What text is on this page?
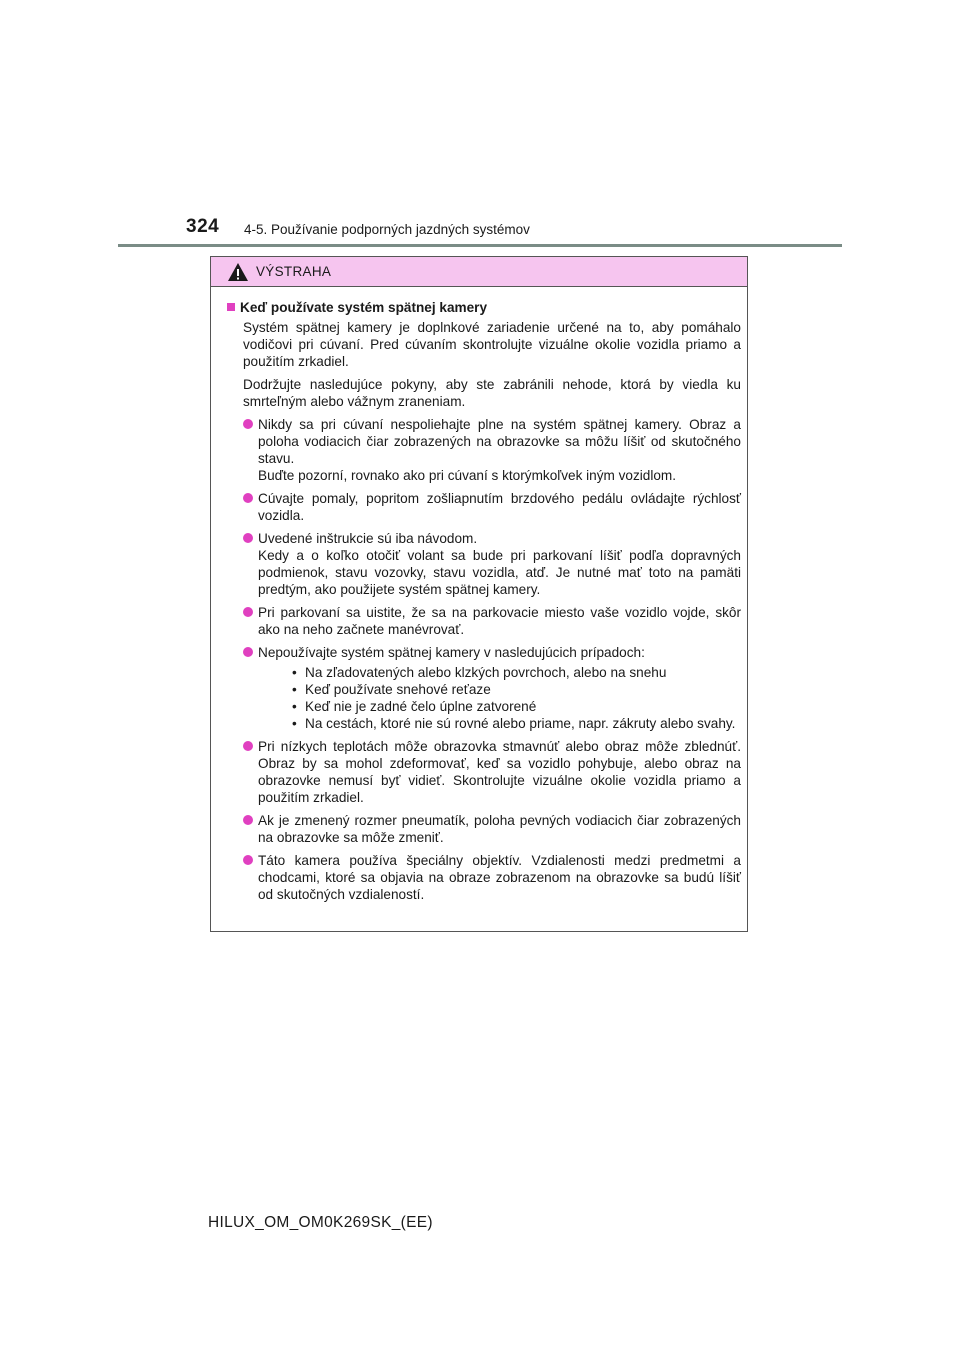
324 4-5. Používanie podporných jazdných systémov
VÝSTRAHA
Keď používate systém spätnej kamery
Systém spätnej kamery je doplnkové zariadenie určené na to, aby pomáhalo vodičovi pri cúvaní. Pred cúvaním skontrolujte vizuálne okolie vozidla priamo a použitím zrkadiel.
Dodržujte nasledujúce pokyny, aby ste zabránili nehode, ktorá by viedla ku smrteľným alebo vážnym zraneniam.

Nikdy sa pri cúvaní nespoliehajte plne na systém spätnej kamery. Obraz a poloha vodiacich čiar zobrazených na obrazovke sa môžu líšiť od skutočného stavu.

Buďte pozorní, rovnako ako pri cúvaní s ktorýmkoľvek iným vozidlom.

Cúvajte pomaly, popritom zošliapnutím brzdového pedálu ovládajte rýchlosť vozidla.

Uvedené inštrukcie sú iba návodom.

Kedy a o koľko otočiť volant sa bude pri parkovaní líšiť podľa dopravných podmienok, stavu vozovky, stavu vozidla, atď. Je nutné mať toto na pamäti predtým, ako použijete systém spätnej kamery.

Pri parkovaní sa uistite, že sa na parkovacie miesto vaše vozidlo vojde, skôr ako na neho začnete manévrovať.

Nepoužívajte systém spätnej kamery v nasledujúcich prípadoch:

• Na zľadovatených alebo klzkých povrchoch, alebo na snehu
• Keď používate snehové reťaze
• Keď nie je zadné čelo úplne zatvorené
• Na cestách, ktoré nie sú rovné alebo priame, napr. zákruty alebo svahy.

Pri nízkych teplotách môže obrazovka stmavnúť alebo obraz môže zblednúť. Obraz by sa mohol zdeformovať, keď sa vozidlo pohybuje, alebo obraz na obrazovke nemusí byť vidieť. Skontrolujte vizuálne okolie vozidla priamo a použitím zrkadiel.

Ak je zmenený rozmer pneumatík, poloha pevných vodiacich čiar zobrazených na obrazovke sa môže zmeniť.

Táto kamera používa špeciálny objektív. Vzdialenosti medzi predmetmi a chodcami, ktoré sa objavia na obraze zobrazenom na obrazovke sa budú líšiť od skutočných vzdialeností.

HILUX_OM_OM0K269SK_(EE)
